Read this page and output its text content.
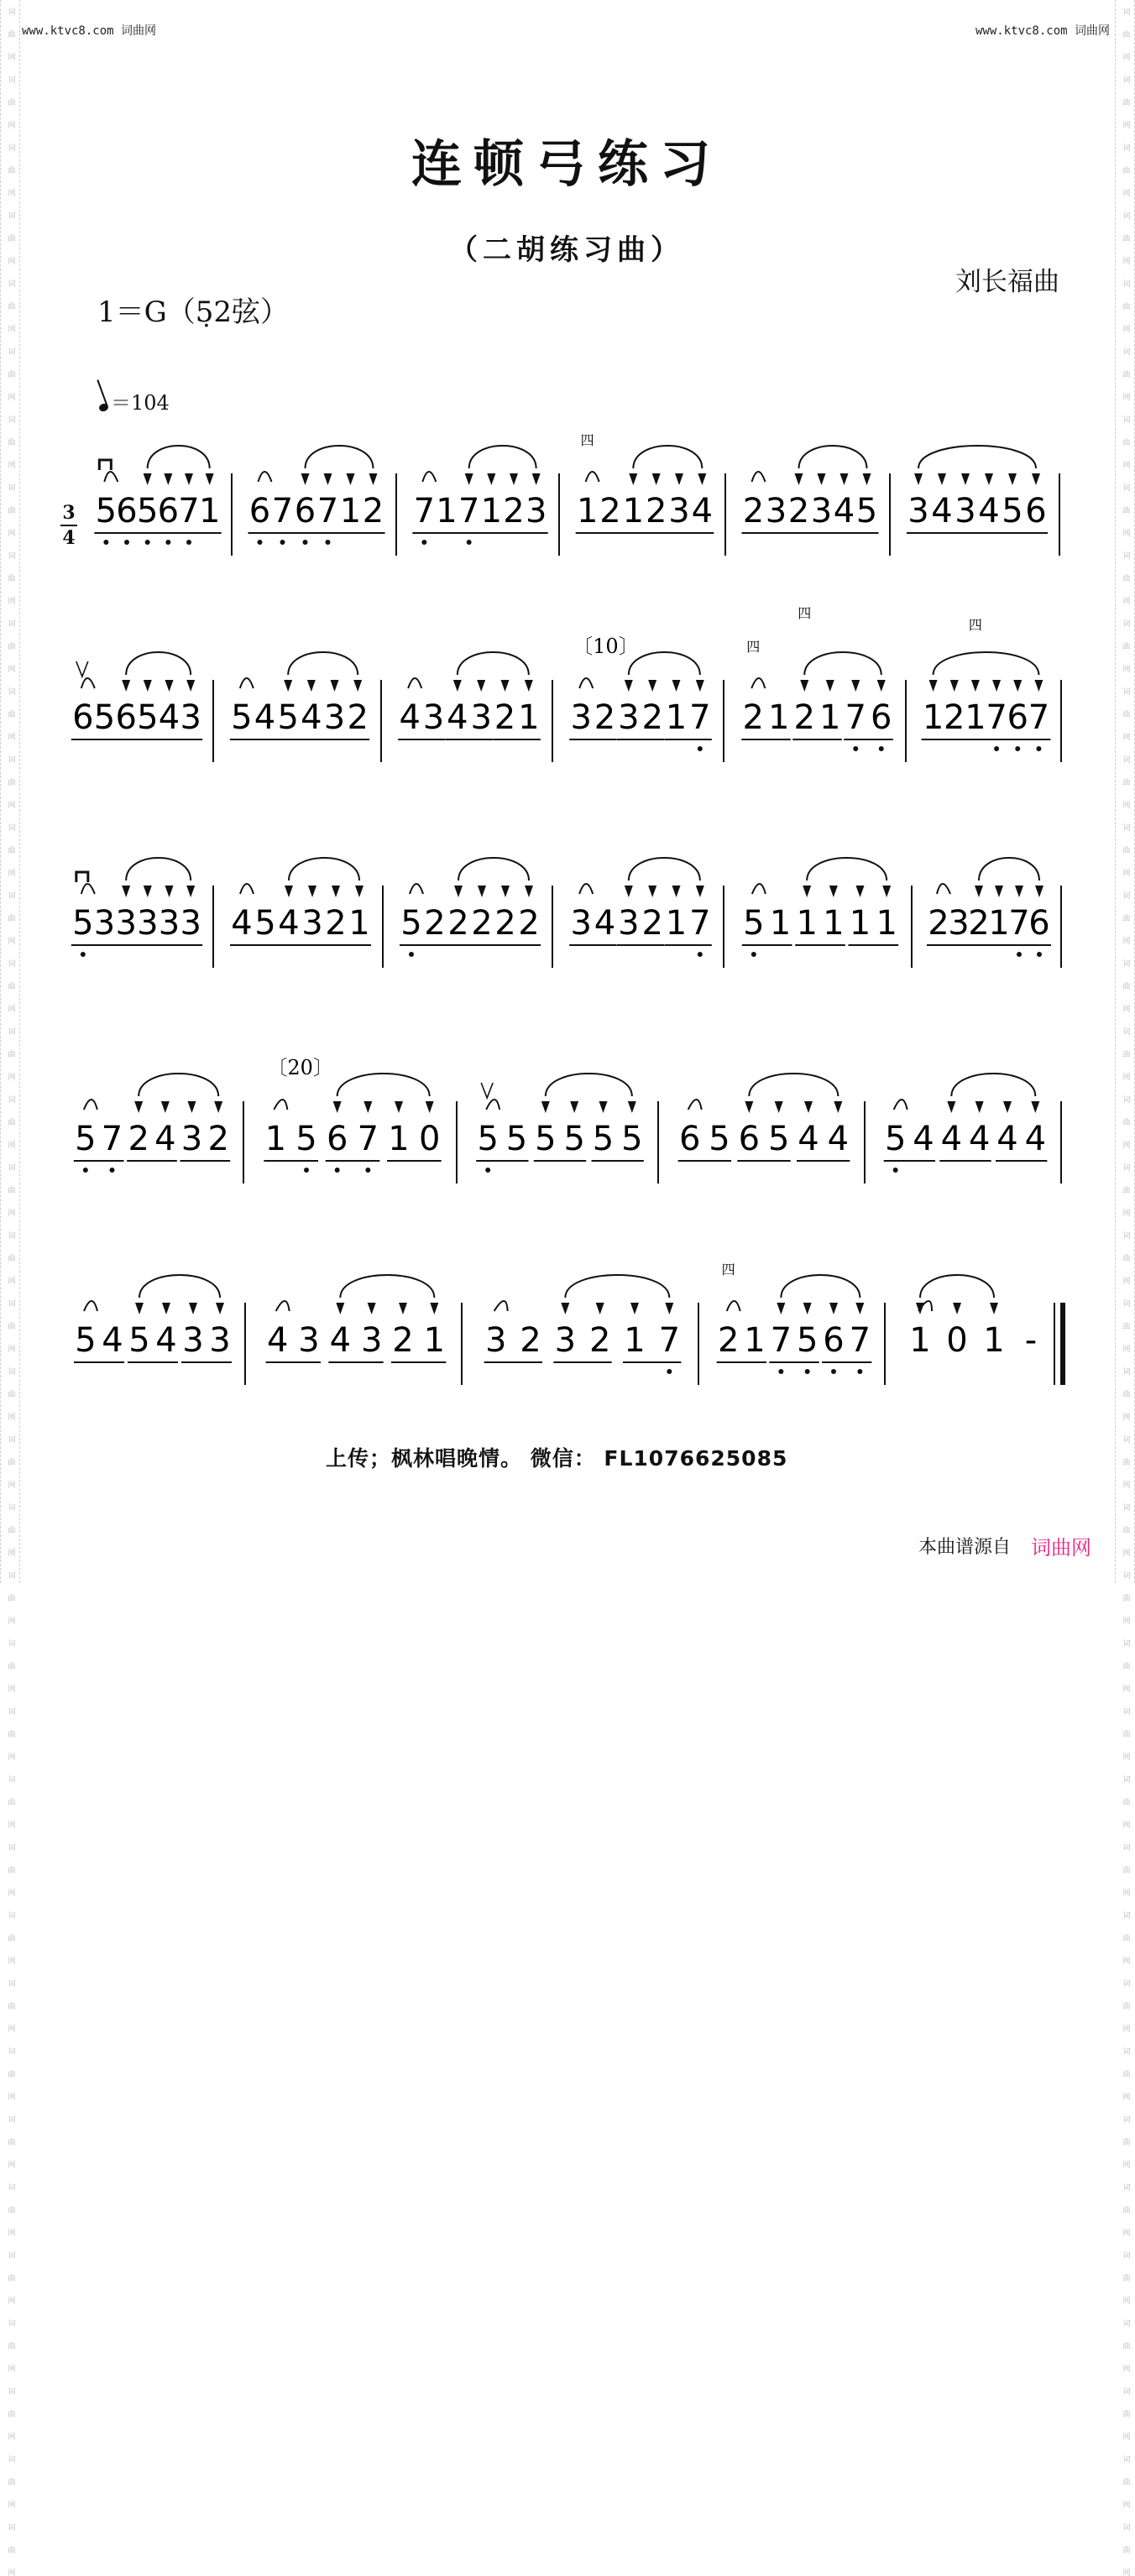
词
曲
网
词
曲
网
词
曲
网
词
曲
网
词
曲
网
词
曲
网
词
曲
网
词
曲
网
词
曲
网
词
曲
网
词
曲
网
词
曲
网
词
曲
网
词
曲
网
词
曲
网
词
曲
网
词
曲
网
词
曲
网
词
曲
网
词
曲
网
词
曲
网
词
曲
网
词
曲
网
词
曲
网
词
曲
网
词
曲
网
词
曲
网
词
曲
网
词
曲
网
词
曲
网
词
曲
网
词
曲
网
词
曲
网
词
曲
网
词
曲
网
词
曲
网
词
曲
网
词
曲
网
词
曲
网
词
曲
网
词
曲
网
词
曲
网
词
曲
网
词
曲
网
词
曲
网
词
曲
网
词
曲
网
词
曲
网
词
曲
网
词
曲
网
词
曲
网
词
曲
网
词
曲
网
词
曲
网
词
曲
网
词
曲
网
词
曲
网
词
曲
网
词
曲
网
词
曲
网
词
曲
网
词
曲
网
词
曲
网
词
曲
网
词
曲
网
词
曲
网
词
曲
网
词
曲
网
词
曲
网
词
曲
网
词
曲
网
词
曲
网
词
曲
网
词
曲
网
词
曲
网
词
曲
网
www.ktvc8.com 词曲网	www.ktvc8.com 词曲网
连顿弓练习
（二胡练习曲）
刘长福曲
1＝G（5̣2弦）
＝104
3
4
5 6 5 6 7 1 6 7 6 7 1 2 7 1 7 1 2 3 1 2 1 2 3 4
四
2 3 2 3 4 5 3 4 3 4 5 6
6 5 6 5 4 3 5 4 5 4 3 2 4 3 4 3 2 1 3 2 3 2 1 7
〔10〕
2 1 2 1 7 6
四
四
1 2 1 7 6 7
四
5 3 3 3 3 3 4 5 4 3 2 1 5 2 2 2 2 2 3 4 3 2 1 7 5 1 1 1 1 1 2
3
2
1
7
6
5 7 2 4 3 2 1 5 6 7 1 0
〔20〕
5 5 5 5 5 5 6 5 6 5 4 4 5 4 4 4 4 4
5 4 5 4 3 3 4 3 4 3 2 1 3 2 3 2 1 7 2 1 7 5 6 7
四
1 0 1 -
上传；枫林唱晚情。 微信： FL1076625085
本曲谱源自 词曲网
